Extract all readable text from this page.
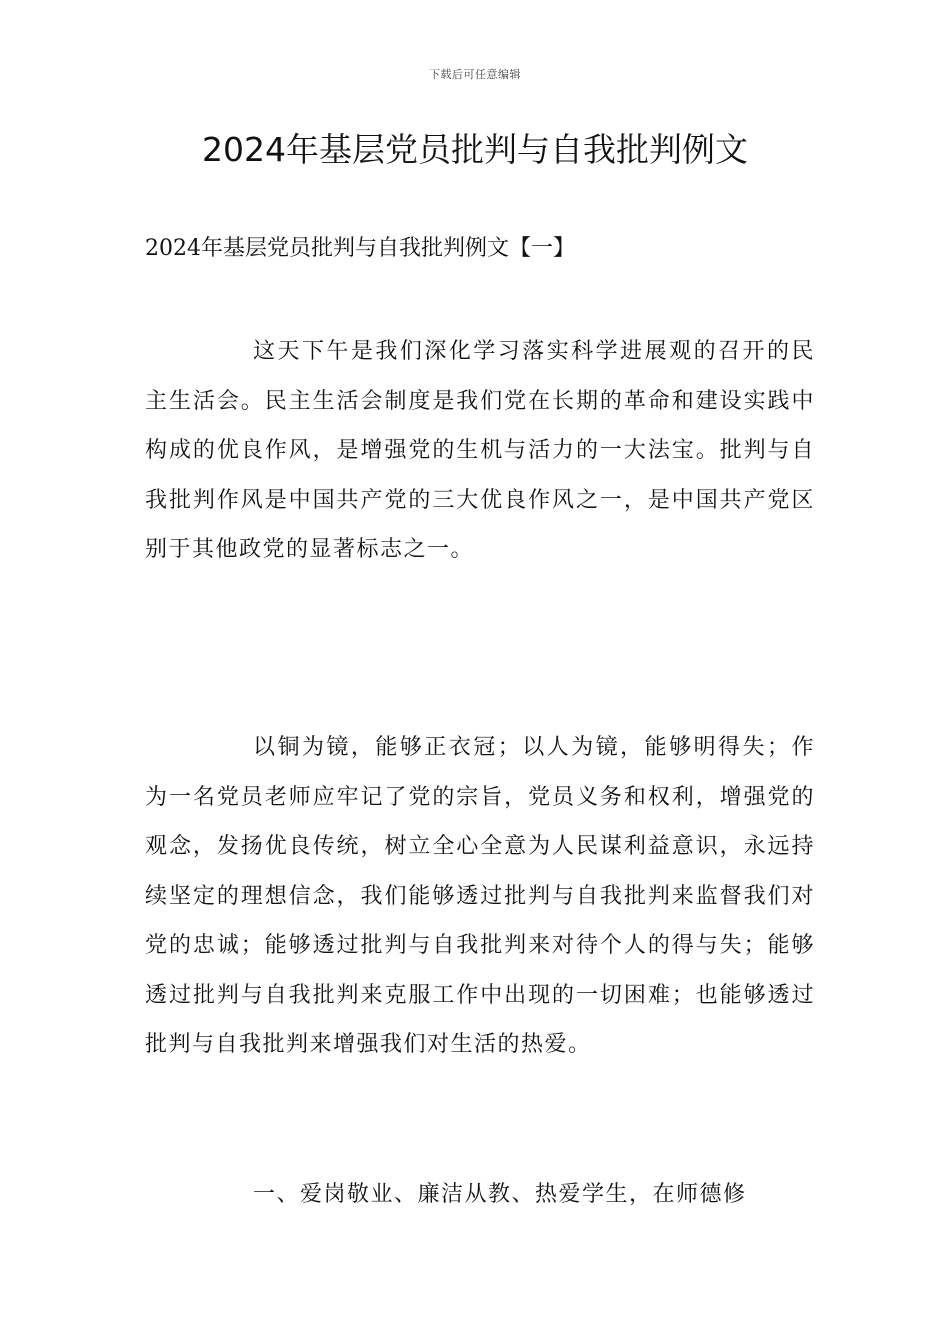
下载后可任意编辑
2024年基层党员批判与自我批判例文

2024年基层党员批判与自我批判例文【一】

这天下午是我们深化学习落实科学进展观的召开的民主生活会。民主生活会制度是我们党在长期的革命和建设实践中构成的优良作风，是增强党的生机与活力的一大法宝。批判与自我批判作风是中国共产党的三大优良作风之一，是中国共产党区别于其他政党的显著标志之一。

以铜为镜，能够正衣冠；以人为镜，能够明得失；作为一名党员老师应牢记了党的宗旨，党员义务和权利，增强党的观念，发扬优良传统，树立全心全意为人民谋利益意识，永远持续坚定的理想信念，我们能够透过批判与自我批判来监督我们对党的忠诚；能够透过批判与自我批判来对待个人的得与失；能够透过批判与自我批判来克服工作中出现的一切困难；也能够透过批判与自我批判来增强我们对生活的热爱。

一、爱岗敬业、廉洁从教、热爱学生，在师德修
